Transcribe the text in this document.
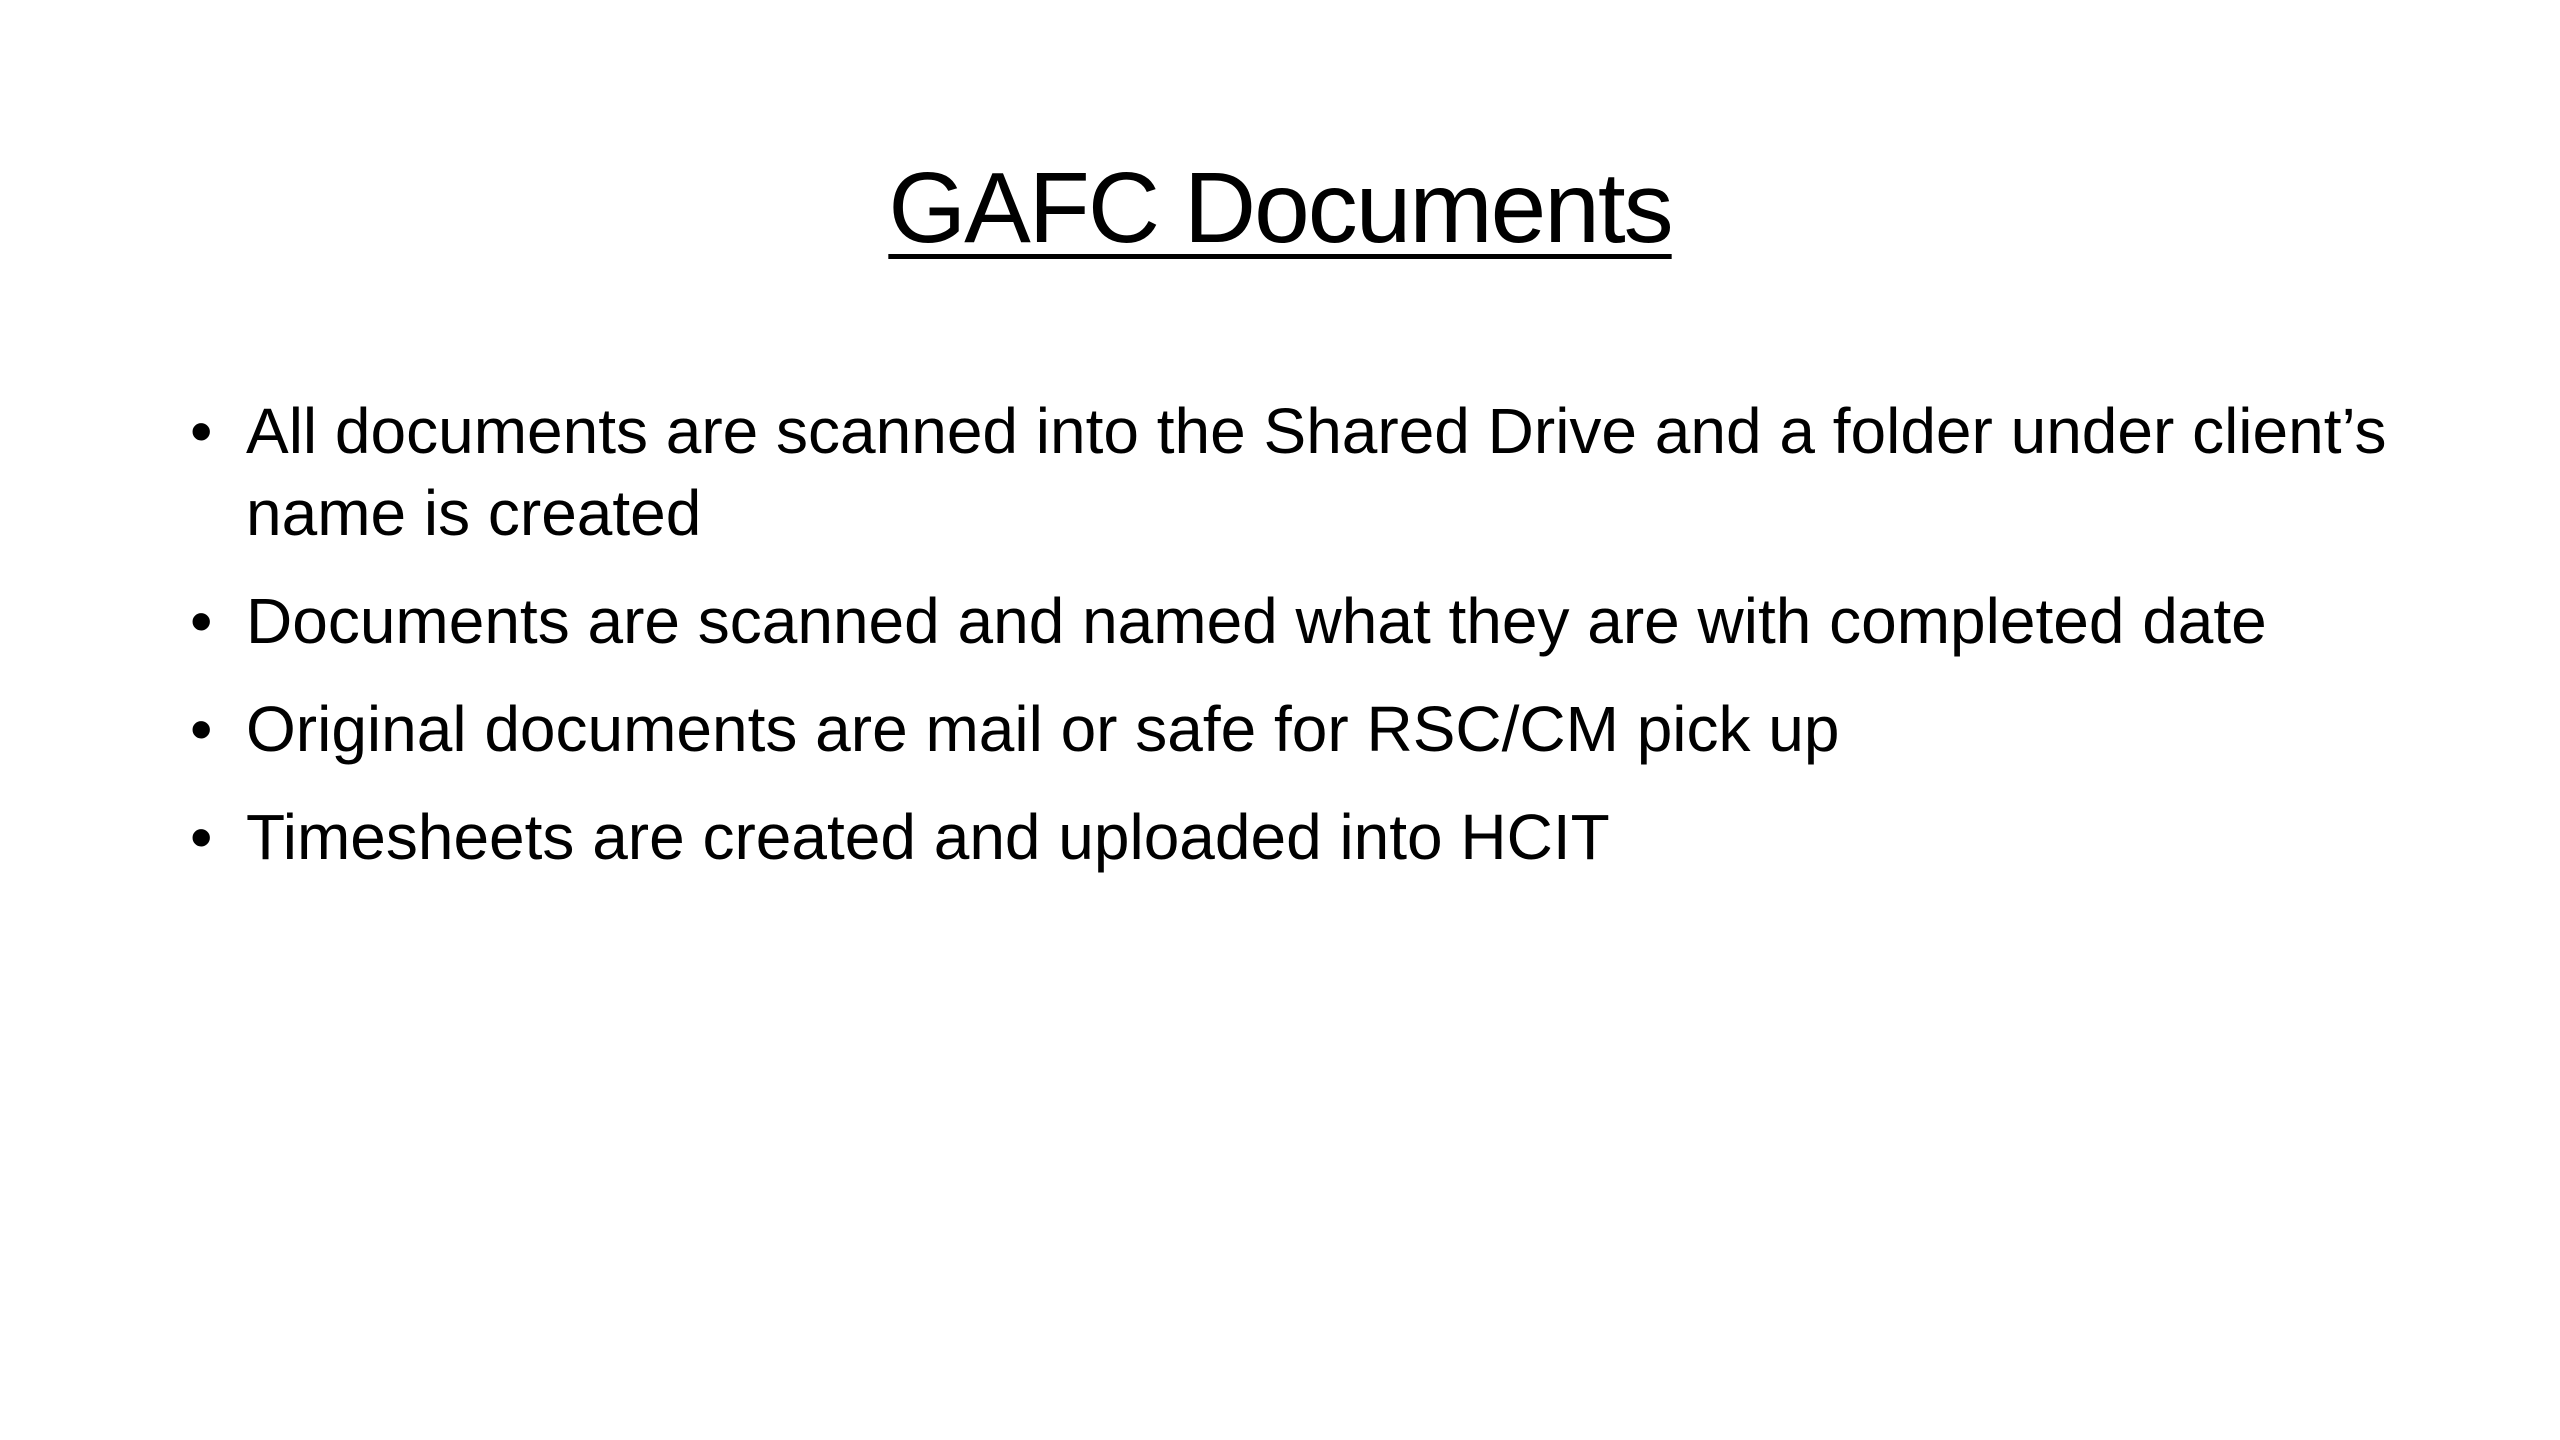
GAFC Documents
• All documents are scanned into the Shared Drive and a folder under client’s name is created
• Documents are scanned and named what they are with completed date
• Original documents are mail or safe for RSC/CM pick up
• Timesheets are created and uploaded into HCIT
